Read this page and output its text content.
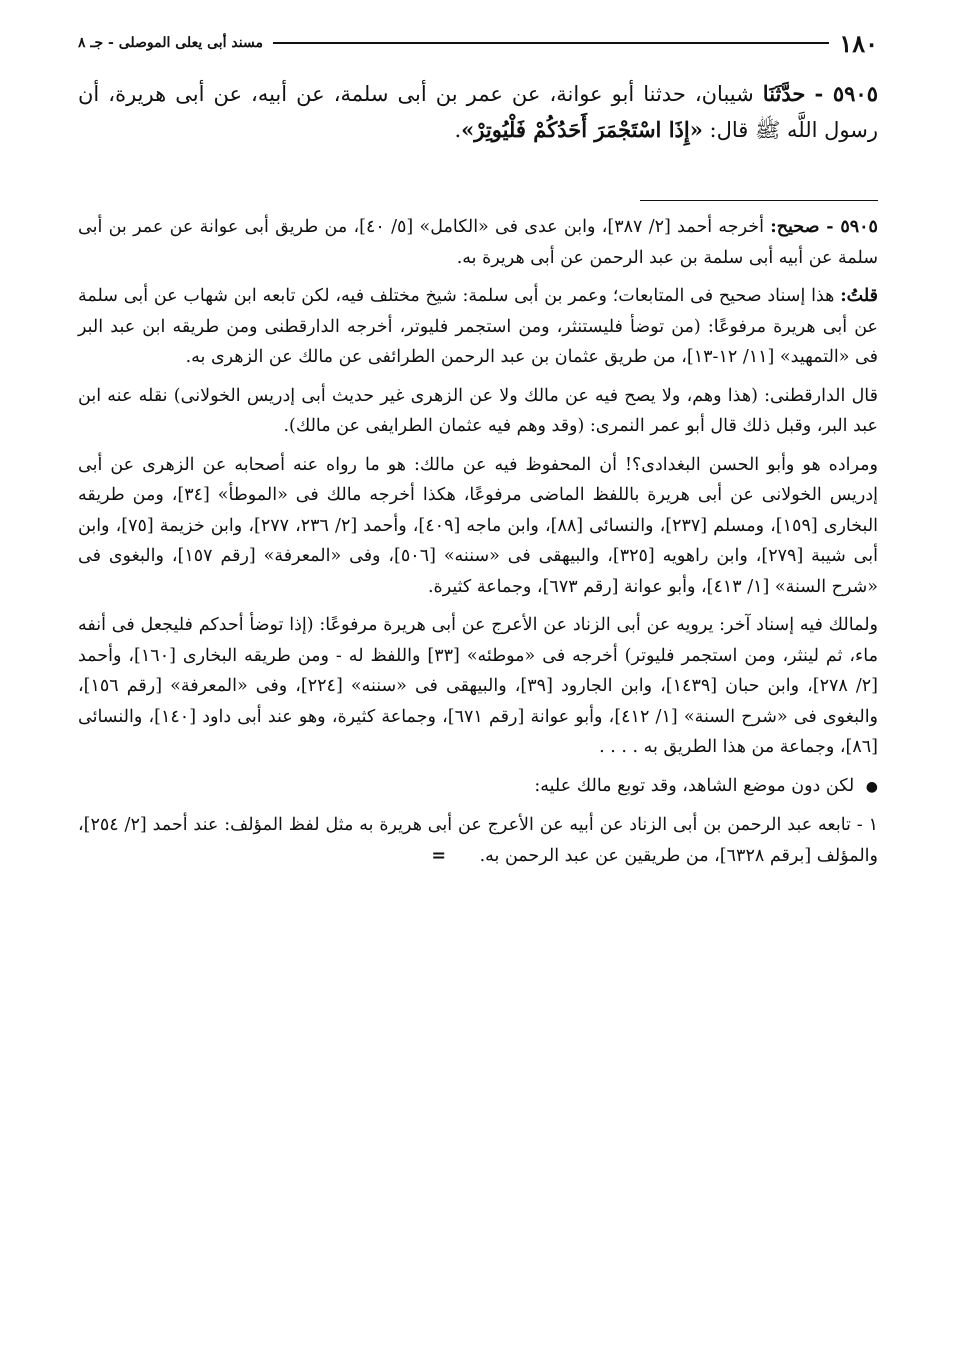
١٨٠
مسند أبى يعلى الموصلى - جـ ٨
٥٩٠٥ - حدَّثَنَا شيبان، حدثنا أبو عوانة، عن عمر بن أبى سلمة، عن أبيه، عن أبى هريرة، أن رسول اللَّه ﷺ قال: «إِذَا اسْتَجْمَرَ أَحَدُكُمْ فَلْيُوتِرْ».

٥٩٠٥ - صحيح: أخرجه أحمد [٢/ ٣٨٧]، وابن عدى فى «الكامل» [٥/ ٤٠]، من طريق أبى عوانة عن عمر بن أبى سلمة عن أبيه أبى سلمة بن عبد الرحمن عن أبى هريرة به.

قلتُ: هذا إسناد صحيح فى المتابعات؛ وعمر بن أبى سلمة: شيخ مختلف فيه، لكن تابعه ابن شهاب عن أبى سلمة عن أبى هريرة مرفوعًا: (من توضأ فليستنثر، ومن استجمر فليوتر، أخرجه الدارقطنى ومن طريقه ابن عبد البر فى «التمهيد» [١١/ ١٢-١٣]، من طريق عثمان بن عبد الرحمن الطرائفى عن مالك عن الزهرى به.

قال الدارقطنى: (هذا وهم، ولا يصح فيه عن مالك ولا عن الزهرى غير حديث أبى إدريس الخولانى) نقله عنه ابن عبد البر، وقبل ذلك قال أبو عمر النمرى: (وقد وهم فيه عثمان الطرايفى عن مالك).

ومراده هو وأبو الحسن البغدادى؟! أن المحفوظ فيه عن مالك: هو ما رواه عنه أصحابه عن الزهرى عن أبى إدريس الخولانى عن أبى هريرة باللفظ الماضى مرفوعًا، هكذا أخرجه مالك فى «الموطأ» [٣٤]، ومن طريقه البخارى [١٥٩]، ومسلم [٢٣٧]، والنسائى [٨٨]، وابن ماجه [٤٠٩]، وأحمد [٢/ ٢٣٦، ٢٧٧]، وابن خزيمة [٧٥]، وابن أبى شيبة [٢٧٩]، وابن راهويه [٣٢٥]، والبيهقى فى «سننه» [٥٠٦]، وفى «المعرفة» [رقم ١٥٧]، والبغوى فى «شرح السنة» [١/ ٤١٣]، وأبو عوانة [رقم ٦٧٣]، وجماعة كثيرة.

ولمالك فيه إسناد آخر: يرويه عن أبى الزناد عن الأعرج عن أبى هريرة مرفوعًا: (إذا توضأ أحدكم فليجعل فى أنفه ماء، ثم لينثر، ومن استجمر فليوتر) أخرجه فى «موطئه» [٣٣] واللفظ له - ومن طريقه البخارى [١٦٠]، وأحمد [٢/ ٢٧٨]، وابن حبان [١٤٣٩]، وابن الجارود [٣٩]، والبيهقى فى «سننه» [٢٢٤]، وفى «المعرفة» [رقم ١٥٦]، والبغوى فى «شرح السنة» [١/ ٤١٢]، وأبو عوانة [رقم ٦٧١]، وجماعة كثيرة، وهو عند أبى داود [١٤٠]، والنسائى [٨٦]، وجماعة من هذا الطريق به . . . .

● لكن دون موضع الشاهد، وقد توبع مالك عليه:

١ - تابعه عبد الرحمن بن أبى الزناد عن أبيه عن الأعرج عن أبى هريرة به مثل لفظ المؤلف: عند أحمد [٢/ ٢٥٤]، والمؤلف [برقم ٦٣٢٨]، من طريقين عن عبد الرحمن به. =
